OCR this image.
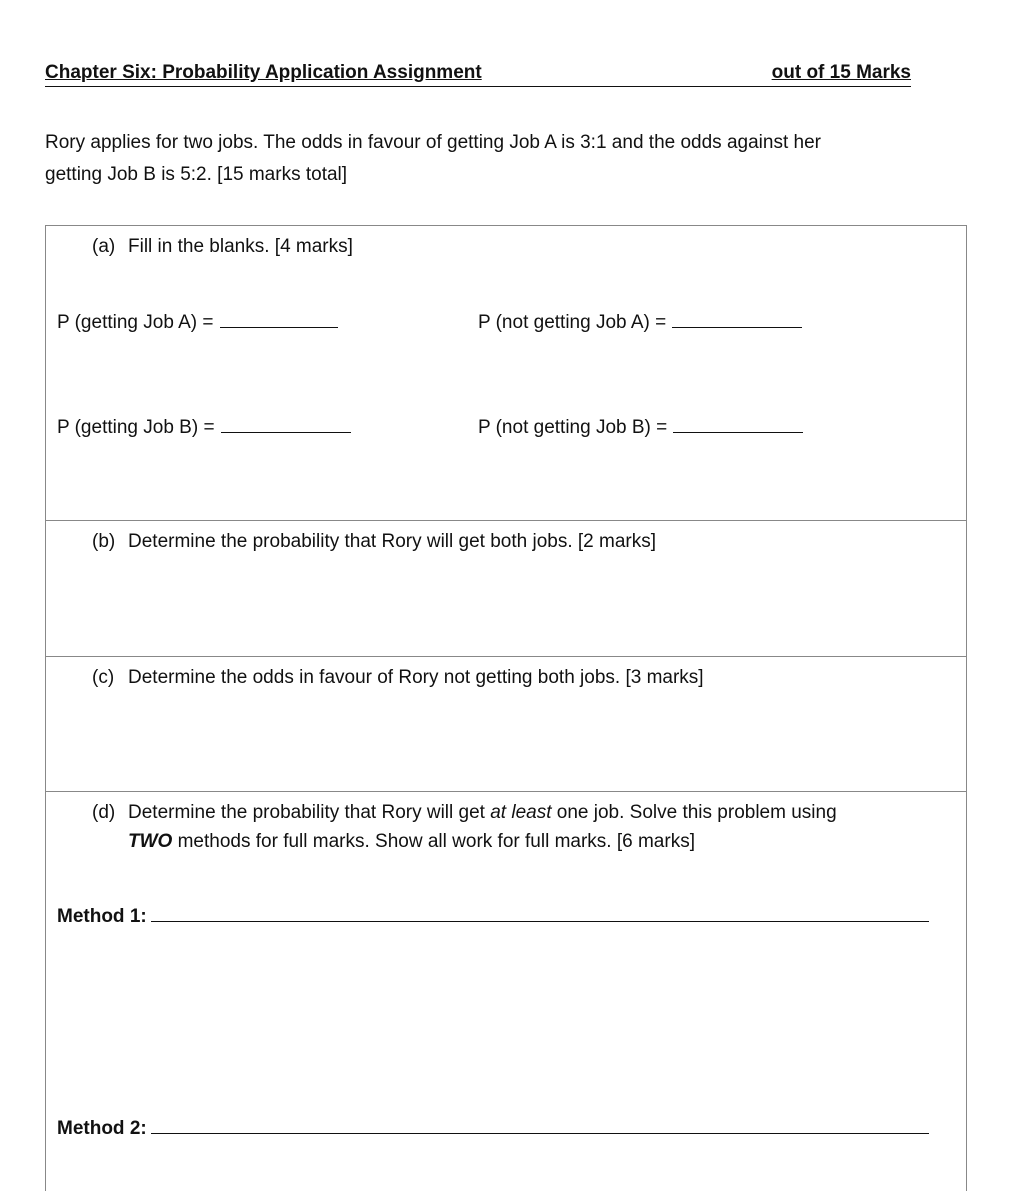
Chapter Six: Probability Application Assignment	out of 15 Marks
Rory applies for two jobs. The odds in favour of getting Job A is 3:1 and the odds against her
getting Job B is 5:2. [15 marks total]
(a) Fill in the blanks. [4 marks]
P (getting Job A) =	P (not getting Job A) =
P (getting Job B) =	P (not getting Job B) =
(b) Determine the probability that Rory will get both jobs. [2 marks]
(c) Determine the odds in favour of Rory not getting both jobs. [3 marks]
(d) Determine the probability that Rory will get at least one job. Solve this problem using
TWO methods for full marks. Show all work for full marks. [6 marks]
Method 1:
Method 2:
